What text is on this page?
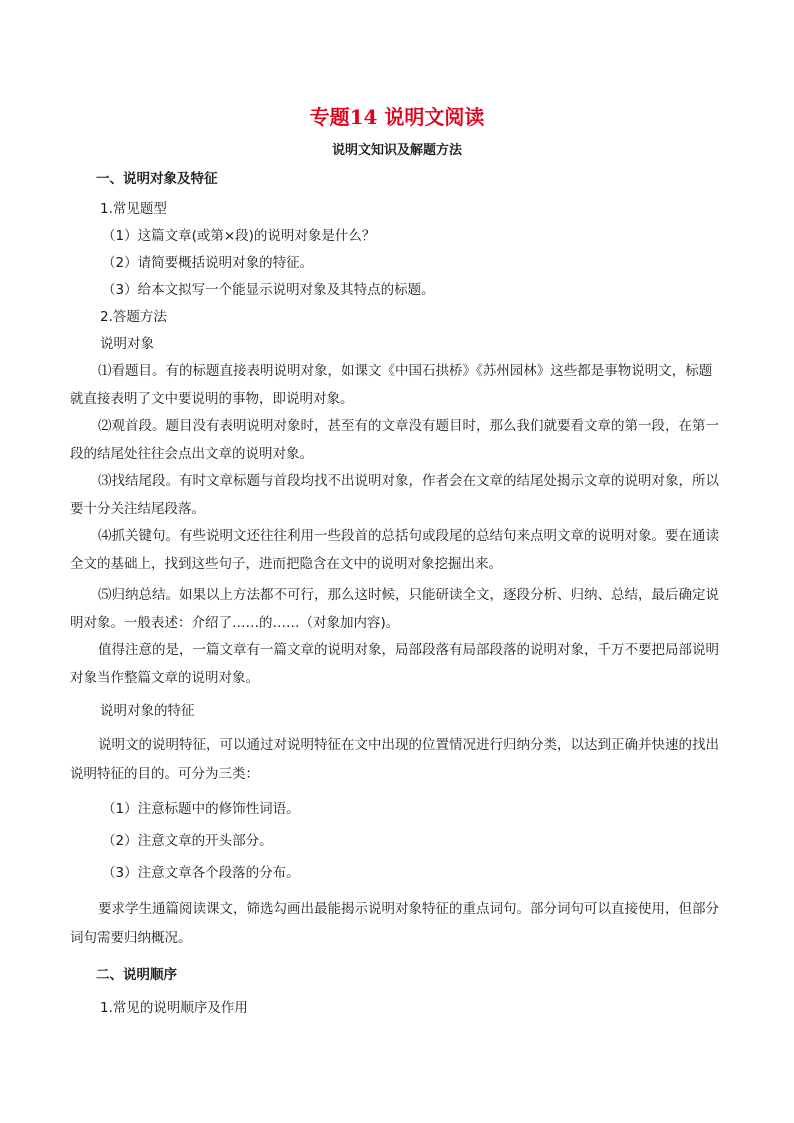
专题14 说明文阅读
说明文知识及解题方法
一、说明对象及特征

1.常见题型

（1）这篇文章(或第×段)的说明对象是什么？

（2）请简要概括说明对象的特征。

（3）给本文拟写一个能显示说明对象及其特点的标题。

2.答题方法

说明对象

⑴看题目。有的标题直接表明说明对象，如课文《中国石拱桥》《苏州园林》这些都是事物说明文，标题就直接表明了文中要说明的事物，即说明对象。

⑵观首段。题目没有表明说明对象时，甚至有的文章没有题目时，那么我们就要看文章的第一段，在第一段的结尾处往往会点出文章的说明对象。

⑶找结尾段。有时文章标题与首段均找不出说明对象，作者会在文章的结尾处揭示文章的说明对象，所以要十分关注结尾段落。

⑷抓关键句。有些说明文还往往利用一些段首的总括句或段尾的总结句来点明文章的说明对象。要在通读全文的基础上，找到这些句子，进而把隐含在文中的说明对象挖掘出来。

⑸归纳总结。如果以上方法都不可行，那么这时候，只能研读全文，逐段分析、归纳、总结，最后确定说明对象。一般表述：介绍了……的……（对象加内容)。

值得注意的是，一篇文章有一篇文章的说明对象，局部段落有局部段落的说明对象，千万不要把局部说明对象当作整篇文章的说明对象。

说明对象的特征

说明文的说明特征，可以通过对说明特征在文中出现的位置情况进行归纳分类，以达到正确并快速的找出说明特征的目的。可分为三类：

（1）注意标题中的修饰性词语。

（2）注意文章的开头部分。

（3）注意文章各个段落的分布。

要求学生通篇阅读课文，筛选勾画出最能揭示说明对象特征的重点词句。部分词句可以直接使用，但部分词句需要归纳概况。

二、说明顺序

1.常见的说明顺序及作用
